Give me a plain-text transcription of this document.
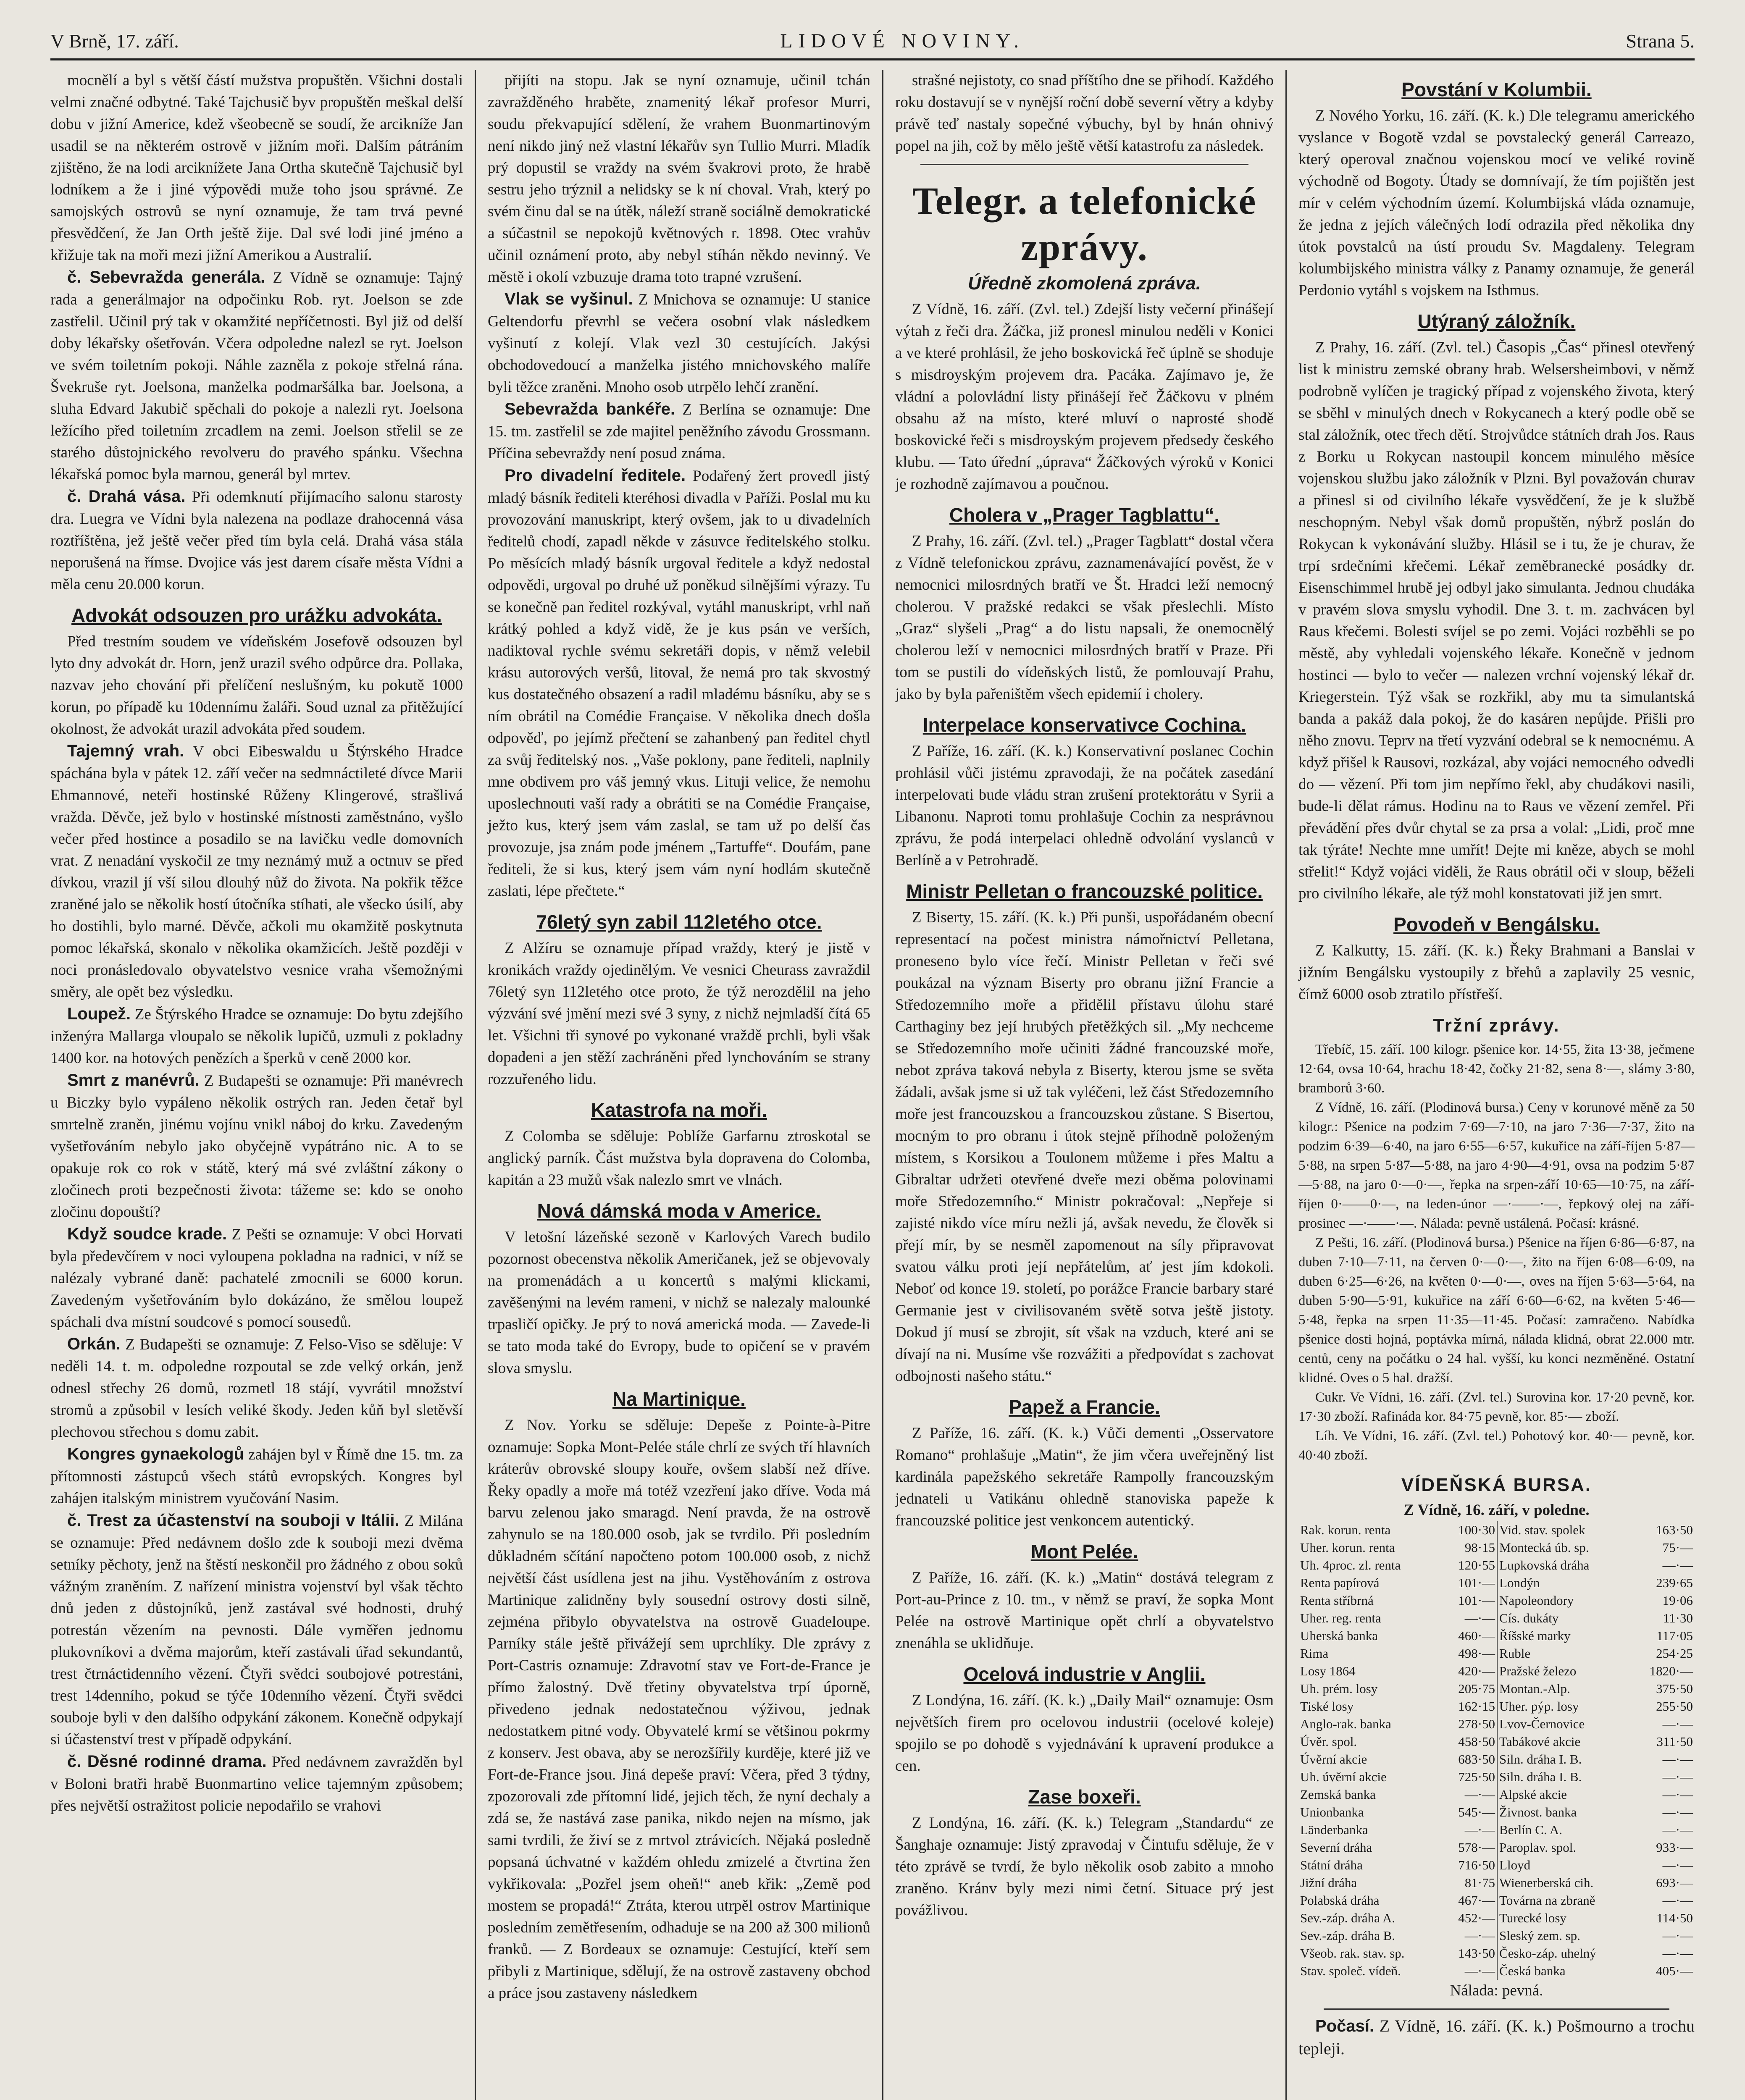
V Brně, 17. září.	LIDOVÉ NOVINY.	Strana 5.

mocnělí a byl s větší částí mužstva propuštěn. Všichni dostali velmi značné odbytné. Také Tajchusič byv propuštěn meškal delší dobu v jižní Americe, kdež všeobecně se soudí, že arcikníže Jan usadil se na některém ostrově v jižním moři. Dalším pátráním zjištěno, že na lodi arciknížete Jana Ortha skutečně Tajchusič byl lodníkem a že i jiné výpovědi muže toho jsou správné. Ze samojských ostrovů se nyní oznamuje, že tam trvá pevné přesvědčení, že Jan Orth ještě žije. Dal své lodi jiné jméno a křižuje tak na moři mezi jižní Amerikou a Australií.

č. Sebevražda generála. Z Vídně se oznamuje: Tajný rada a generálmajor na odpočinku Rob. ryt. Joelson se zde zastřelil. Učinil prý tak v okamžité nepříčetnosti. Byl již od delší doby lékařsky ošetřován. Včera odpoledne nalezl se ryt. Joelson ve svém toiletním pokoji. Náhle zazněla z pokoje střelná rána. Švekruše ryt. Joelsona, manželka podmaršálka bar. Joelsona, a sluha Edvard Jakubič spěchali do pokoje a nalezli ryt. Joelsona ležícího před toiletním zrcadlem na zemi. Joelson střelil se ze starého důstojnického revolveru do pravého spánku. Všechna lékařská pomoc byla marnou, generál byl mrtev.

č. Drahá vása. Při odemknutí přijímacího salonu starosty dra. Luegra ve Vídni byla nalezena na podlaze drahocenná vása roztříštěna, jež ještě večer před tím byla celá. Drahá vása stála neporušená na římse. Dvojice vás jest darem císaře města Vídni a měla cenu 20.000 korun.

Advokát odsouzen pro urážku advokáta.

Před trestním soudem ve vídeňském Josefově odsouzen byl lyto dny advokát dr. Horn, jenž urazil svého odpůrce dra. Pollaka, nazvav jeho chování při přelíčení neslušným, ku pokutě 1000 korun, po případě ku 10dennímu žaláři. Soud uznal za přitěžující okolnost, že advokát urazil advokáta před soudem.

Tajemný vrah. V obci Eibeswaldu u Štýrského Hradce spáchána byla v pátek 12. září večer na sedmnáctileté dívce Marii Ehmannové, neteři hostinské Růženy Klingerové, strašlivá vražda. Děvče, jež bylo v hostinské místnosti zaměstnáno, vyšlo večer před hostince a posadilo se na lavičku vedle domovních vrat. Z nenadání vyskočil ze tmy neznámý muž a octnuv se před dívkou, vrazil jí vší silou dlouhý nůž do života. Na pokřik těžce zraněné jalo se několik hostí útočníka stíhati, ale všecko úsilí, aby ho dostihli, bylo marné. Děvče, ačkoli mu okamžitě poskytnuta pomoc lékařská, skonalo v několika okamžicích. Ještě později v noci pronásledovalo obyvatelstvo vesnice vraha všemožnými směry, ale opět bez výsledku.

Loupež. Ze Štýrského Hradce se oznamuje: Do bytu zdejšího inženýra Mallarga vloupalo se několik lupičů, uzmuli z pokladny 1400 kor. na hotových penězích a šperků v ceně 2000 kor.

Smrt z manévrů. Z Budapešti se oznamuje: Při manévrech u Biczky bylo vypáleno několik ostrých ran. Jeden četař byl smrtelně zraněn, jinému vojínu vnikl náboj do krku. Zavedeným vyšetřováním nebylo jako obyčejně vypátráno nic. A to se opakuje rok co rok v státě, který má své zvláštní zákony o zločinech proti bezpečnosti života: tážeme se: kdo se onoho zločinu dopouští?

Když soudce krade. Z Pešti se oznamuje: V obci Horvati byla předevčírem v noci vyloupena pokladna na radnici, v níž se nalézaly vybrané daně: pachatelé zmocnili se 6000 korun. Zavedeným vyšetřováním bylo dokázáno, že smělou loupež spáchali dva místní soudcové s pomocí sousedů.

Orkán. Z Budapešti se oznamuje: Z Felso-Viso se sděluje: V neděli 14. t. m. odpoledne rozpoutal se zde velký orkán, jenž odnesl střechy 26 domů, rozmetl 18 stájí, vyvrátil množství stromů a způsobil v lesích veliké škody. Jeden kůň byl sletěvší plechovou střechou s domu zabit.

Kongres gynaekologů zahájen byl v Římě dne 15. tm. za přítomnosti zástupců všech států evropských. Kongres byl zahájen italským ministrem vyučování Nasim.

č. Trest za účastenství na souboji v Itálii. Z Milána se oznamuje: Před nedávnem došlo zde k souboji mezi dvěma setníky pěchoty, jenž na štěstí neskončil pro žádného z obou soků vážným zraněním. Z nařízení ministra vojenství byl však těchto dnů jeden z důstojníků, jenž zastával své hodnosti, druhý potrestán vězením na pevnosti. Dále vyměřen jednomu plukovníkovi a dvěma majorům, kteří zastávali úřad sekundantů, trest čtrnáctidenního vězení. Čtyři svědci soubojové potrestáni, trest 14denního, pokud se týče 10denního vězení. Čtyři svědci souboje byli v den dalšího odpykání zákonem. Konečně odpykají si účastenství trest v případě odpykání.

č. Děsné rodinné drama. Před nedávnem zavražděn byl v Boloni bratři hrabě Buonmartino velice tajemným způsobem; přes největší ostražitost policie nepodařilo se vrahovi

přijíti na stopu. Jak se nyní oznamuje, učinil tchán zavražděného hraběte, znamenitý lékař profesor Murri, soudu překvapující sdělení, že vrahem Buonmartinovým není nikdo jiný než vlastní lékařův syn Tullio Murri. Mladík prý dopustil se vraždy na svém švakrovi proto, že hrabě sestru jeho trýznil a nelidsky se k ní choval. Vrah, který po svém činu dal se na útěk, náleží straně sociálně demokratické a súčastnil se nepokojů květnových r. 1898. Otec vrahův učinil oznámení proto, aby nebyl stíhán někdo nevinný. Ve městě i okolí vzbuzuje drama toto trapné vzrušení.

Vlak se vyšinul. Z Mnichova se oznamuje: U stanice Geltendorfu převrhl se večera osobní vlak následkem vyšinutí z kolejí. Vlak vezl 30 cestujících. Jakýsi obchodovedoucí a manželka jistého mnichovského malíře byli těžce zraněni. Mnoho osob utrpělo lehčí zranění.

Sebevražda bankéře. Z Berlína se oznamuje: Dne 15. tm. zastřelil se zde majitel peněžního závodu Grossmann. Příčina sebevraždy není posud známa.

Pro divadelní ředitele. Podařený žert provedl jistý mladý básník řediteli kteréhosi divadla v Paříži. Poslal mu ku provozování manuskript, který ovšem, jak to u divadelních ředitelů chodí, zapadl někde v zásuvce ředitelského stolku. Po měsících mladý básník urgoval ředitele a když nedostal odpovědi, urgoval po druhé už poněkud silnějšími výrazy. Tu se konečně pan ředitel rozkýval, vytáhl manuskript, vrhl naň krátký pohled a když vidě, že je kus psán ve verších, nadiktoval rychle svému sekretáři dopis, v němž velebil krásu autorových veršů, litoval, že nemá pro tak skvostný kus dostatečného obsazení a radil mladému básníku, aby se s ním obrátil na Comédie Française. V několika dnech došla odpověď, po jejímž přečtení se zahanbený pan ředitel chytl za svůj ředitelský nos. „Vaše poklony, pane řediteli, naplnily mne obdivem pro váš jemný vkus. Lituji velice, že nemohu uposlechnouti vaší rady a obrátiti se na Comédie Française, ježto kus, který jsem vám zaslal, se tam už po delší čas provozuje, jsa znám pode jménem „Tartuffe“. Doufám, pane řediteli, že si kus, který jsem vám nyní hodlám skutečně zaslati, lépe přečtete.“

76letý syn zabil 112letého otce.

Z Alžíru se oznamuje případ vraždy, který je jistě v kronikách vraždy ojedinělým. Ve vesnici Cheurass zavraždil 76letý syn 112letého otce proto, že týž nerozdělil na jeho výzvání své jmění mezi své 3 syny, z nichž nejmladší čítá 65 let. Všichni tři synové po vykonané vraždě prchli, byli však dopadeni a jen stěží zachráněni před lynchováním se strany rozzuřeného lidu.

Katastrofa na moři.

Z Colomba se sděluje: Poblíže Garfarnu ztroskotal se anglický parník. Část mužstva byla dopravena do Colomba, kapitán a 23 mužů však nalezlo smrt ve vlnách.

Nová dámská moda v Americe.

V letošní lázeňské sezoně v Karlových Varech budilo pozornost obecenstva několik Američanek, jež se objevovaly na promenádách a u koncertů s malými klickami, zavěšenými na levém rameni, v nichž se nalezaly malounké trpasličí opičky. Je prý to nová americká moda. — Zavede-li se tato moda také do Evropy, bude to opičení se v pravém slova smyslu.

Na Martinique.

Z Nov. Yorku se sděluje: Depeše z Pointe-à-Pitre oznamuje: Sopka Mont-Pelée stále chrlí ze svých tří hlavních kráterův obrovské sloupy kouře, ovšem slabší než dříve. Řeky opadly a moře má totéž vzezření jako dříve. Voda má barvu zelenou jako smaragd. Není pravda, že na ostrově zahynulo se na 180.000 osob, jak se tvrdilo. Při posledním důkladném sčítání napočteno potom 100.000 osob, z nichž největší část usídlena jest na jihu. Vystěhováním z ostrova Martinique zalidněny byly sousední ostrovy dosti silně, zejména přibylo obyvatelstva na ostrově Guadeloupe. Parníky stále ještě přivážejí sem uprchlíky. Dle zprávy z Port-Castris oznamuje: Zdravotní stav ve Fort-de-France je přímo žalostný. Dvě třetiny obyvatelstva trpí úporně, přivedeno jednak nedostatečnou výživou, jednak nedostatkem pitné vody. Obyvatelé krmí se většinou pokrmy z konserv. Jest obava, aby se nerozšířily kurděje, které již ve Fort-de-France jsou. Jiná depeše praví: Včera, před 3 týdny, zpozorovali zde přítomní lidé, jejich těch, že nyní dechaly a zdá se, že nastává zase panika, nikdo nejen na mísmo, jak sami tvrdili, že živí se z mrtvol ztrávicích. Nějaká posledně popsaná úchvatné v každém ohledu zmizelé a čtvrtina žen vykřikovala: „Pozřel jsem oheň!“ aneb křik: „Země pod mostem se propadá!“ Ztráta, kterou utrpěl ostrov Martinique posledním zemětřesením, odhaduje se na 200 až 300 milionů franků. — Z Bordeaux se oznamuje: Cestující, kteří sem přibyli z Martinique, sdělují, že na ostrově zastaveny obchod a práce jsou zastaveny následkem

strašné nejistoty, co snad příštího dne se přihodí. Každého roku dostavují se v nynější roční době severní větry a kdyby právě teď nastaly sopečné výbuchy, byl by hnán ohnivý popel na jih, což by mělo ještě větší katastrofu za následek.

Telegr. a telefonické zprávy.
Úředně zkomolená zpráva.

Z Vídně, 16. září. (Zvl. tel.) Zdejší listy večerní přinášejí výtah z řeči dra. Žáčka, již pronesl minulou neděli v Konici a ve které prohlásil, že jeho boskovická řeč úplně se shoduje s misdroyským projevem dra. Pacáka. Zajímavo je, že vládní a polovládní listy přinášejí řeč Žáčkovu v plném obsahu až na místo, které mluví o naprosté shodě boskovické řeči s misdroyským projevem předsedy českého klubu. — Tato úřední „úprava“ Žáčkových výroků v Konici je rozhodně zajímavou a poučnou.

Cholera v „Prager Tagblattu“.

Z Prahy, 16. září. (Zvl. tel.) „Prager Tagblatt“ dostal včera z Vídně telefonickou zprávu, zaznamenávající pověst, že v nemocnici milosrdných bratří ve Št. Hradci leží nemocný cholerou. V pražské redakci se však přeslechli. Místo „Graz“ slyšeli „Prag“ a do listu napsali, že onemocnělý cholerou leží v nemocnici milosrdných bratří v Praze. Při tom se pustili do vídeňských listů, že pomlouvají Prahu, jako by byla pařeništěm všech epidemií i cholery.

Interpelace konservativce Cochina.

Z Paříže, 16. září. (K. k.) Konservativní poslanec Cochin prohlásil vůči jistému zpravodaji, že na počátek zasedání interpelovati bude vládu stran zrušení protektorátu v Syrii a Libanonu. Naproti tomu prohlašuje Cochin za nesprávnou zprávu, že podá interpelaci ohledně odvolání vyslanců v Berlíně a v Petrohradě.

Ministr Pelletan o francouzské politice.

Z Biserty, 15. září. (K. k.) Při punši, uspořádaném obecní representací na počest ministra námořnictví Pelletana, proneseno bylo více řečí. Ministr Pelletan v řeči své poukázal na význam Biserty pro obranu jižní Francie a Středozemního moře a přidělil přístavu úlohu staré Carthaginy bez její hrubých přetěžkých sil. „My nechceme se Středozemního moře učiniti žádné francouzské moře, nebot zpráva taková nebyla z Biserty, kterou jsme se světa žádali, avšak jsme si už tak vyléčeni, lež část Středozemního moře jest francouzskou a francouzskou zůstane. S Bisertou, mocným to pro obranu i útok stejně příhodně položeným místem, s Korsikou a Toulonem můžeme i přes Maltu a Gibraltar udržeti otevřené dveře mezi oběma polovinami moře Středozemního.“ Ministr pokračoval: „Nepřeje si zajisté nikdo více míru nežli já, avšak nevedu, že člověk si přejí mír, by se nesměl zapomenout na síly připravovat svatou válku proti její nepřátelům, ať jest jím kdokoli. Neboť od konce 19. století, po porážce Francie barbary staré Germanie jest v civilisovaném světě sotva ještě jistoty. Dokud jí musí se zbrojit, sít však na vzduch, které ani se dívají na ni. Musíme vše rozvážiti a předpovídat s zachovat odbojnosti našeho státu.“

Papež a Francie.

Z Paříže, 16. září. (K. k.) Vůči dementi „Osservatore Romano“ prohlašuje „Matin“, že jim včera uveřejněný list kardinála papežského sekretáře Rampolly francouzským jednateli u Vatikánu ohledně stanoviska papeže k francouzské politice jest venkoncem autentický.

Mont Pelée.

Z Paříže, 16. září. (K. k.) „Matin“ dostává telegram z Port-au-Prince z 10. tm., v němž se praví, že sopka Mont Pelée na ostrově Martinique opět chrlí a obyvatelstvo znenáhla se uklidňuje.

Ocelová industrie v Anglii.

Z Londýna, 16. září. (K. k.) „Daily Mail“ oznamuje: Osm největších firem pro ocelovou industrii (ocelové koleje) spojilo se po dohodě s vyjednávání k upravení produkce a cen.

Zase boxeři.

Z Londýna, 16. září. (K. k.) Telegram „Standardu“ ze Šanghaje oznamuje: Jistý zpravodaj v Čintufu sděluje, že v této zprávě se tvrdí, že bylo několik osob zabito a mnoho zraněno. Kránv byly mezi nimi četní. Situace prý jest povážlivou.

Povstání v Kolumbii.

Z Nového Yorku, 16. září. (K. k.) Dle telegramu amerického vyslance v Bogotě vzdal se povstalecký generál Carreazo, který operoval značnou vojenskou mocí ve veliké rovině východně od Bogoty. Útady se domnívají, že tím pojištěn jest mír v celém východním území. Kolumbijská vláda oznamuje, že jedna z jejích válečných lodí odrazila před několika dny útok povstalců na ústí proudu Sv. Magdaleny. Telegram kolumbijského ministra války z Panamy oznamuje, že generál Perdonio vytáhl s vojskem na Isthmus.

Utýraný záložník.

Z Prahy, 16. září. (Zvl. tel.) Časopis „Čas“ přinesl otevřený list k ministru zemské obrany hrab. Welsersheimbovi, v němž podrobně vylíčen je tragický případ z vojenského života, který se sběhl v minulých dnech v Rokycanech a který podle obě se stal záložník, otec třech dětí. Strojvůdce státních drah Jos. Raus z Borku u Rokycan nastoupil koncem minulého měsíce vojenskou službu jako záložník v Plzni. Byl považován churav a přinesl si od civilního lékaře vysvědčení, že je k službě neschopným. Nebyl však domů propuštěn, nýbrž poslán do Rokycan k vykonávání služby. Hlásil se i tu, že je churav, že trpí srdečními křečemi. Lékař zeměbranecké posádky dr. Eisenschimmel hrubě jej odbyl jako simulanta. Jednou chudáka v pravém slova smyslu vyhodil. Dne 3. t. m. zachvácen byl Raus křečemi. Bolesti svíjel se po zemi. Vojáci rozběhli se po městě, aby vyhledali vojenského lékaře. Konečně v jednom hostinci — bylo to večer — nalezen vrchní vojenský lékař dr. Kriegerstein. Týž však se rozkřikl, aby mu ta simulantská banda a pakáž dala pokoj, že do kasáren nepůjde. Přišli pro něho znovu. Teprv na třetí vyzvání odebral se k nemocnému. A když přišel k Rausovi, rozkázal, aby vojáci nemocného odvedli do — vězení. Při tom jim nepřímo řekl, aby chudákovi nasili, bude-li dělat rámus. Hodinu na to Raus ve vězení zemřel. Při převádění přes dvůr chytal se za prsa a volal: „Lidi, proč mne tak týráte! Nechte mne umřít! Dejte mi kněze, abych se mohl střelit!“ Když vojáci viděli, že Raus obrátil oči v sloup, běželi pro civilního lékaře, ale týž mohl konstatovati již jen smrt.

Povodeň v Bengálsku.

Z Kalkutty, 15. září. (K. k.) Řeky Brahmani a Banslai v jižním Bengálsku vystoupily z břehů a zaplavily 25 vesnic, čímž 6000 osob ztratilo přístřeší.

Tržní zprávy.

Třebíč, 15. září. 100 kilogr. pšenice kor. 14·55, žita 13·38, ječmene 12·64, ovsa 10·64, hrachu 18·42, čočky 21·82, sena 8·—, slámy 3·80, bramborů 3·60.

Z Vídně, 16. září. (Plodinová bursa.) Ceny v korunové měně za 50 kilogr.: Pšenice na podzim 7·69—7·10, na jaro 7·36—7·37, žito na podzim 6·39—6·40, na jaro 6·55—6·57, kukuřice na září-říjen 5·87—5·88, na srpen 5·87—5·88, na jaro 4·90—4·91, ovsa na podzim 5·87—5·88, na jaro 0·—0·—, řepka na srpen-září 10·65—10·75, na září-říjen 0·——0·—, na leden-únor —·——·—, řepkový olej na září-prosinec —·——·—. Nálada: pevně ustálená. Počasí: krásné.

Z Pešti, 16. září. (Plodinová bursa.) Pšenice na říjen 6·86—6·87, na duben 7·10—7·11, na červen 0·—0·—, žito na říjen 6·08—6·09, na duben 6·25—6·26, na květen 0·—0·—, oves na říjen 5·63—5·64, na duben 5·90—5·91, kukuřice na září 6·60—6·62, na květen 5·46—5·48, řepka na srpen 11·35—11·45. Počasí: zamračeno. Nabídka pšenice dosti hojná, poptávka mírná, nálada klidná, obrat 22.000 mtr. centů, ceny na počátku o 24 hal. vyšší, ku konci nezměněné. Ostatní klidné. Oves o 5 hal. dražší.

Cukr. Ve Vídni, 16. září. (Zvl. tel.) Surovina kor. 17·20 pevně, kor. 17·30 zboží. Rafináda kor. 84·75 pevně, kor. 85·— zboží.

Líh. Ve Vídni, 16. září. (Zvl. tel.) Pohotový kor. 40·— pevně, kor. 40·40 zboží.

VÍDEŇSKÁ BURSA.

Z Vídně, 16. září, v poledne.

Rak. korun. renta	100·30	Vid. stav. spolek	163·50
Uher. korun. renta	98·15	Montecká úb. sp.	75·—
Uh. 4proc. zl. renta	120·55	Lupkovská dráha	—·—
Renta papírová	101·—	Londýn	239·65
Renta stříbrná	101·—	Napoleondory	19·06
Uher. reg. renta	—·—	Cís. dukáty	11·30
Uherská banka	460·—	Říšské marky	117·05
Rima	498·—	Ruble	254·25
Losy 1864	420·—	Pražské železo	1820·—
Uh. prém. losy	205·75	Montan.-Alp.	375·50
Tiské losy	162·15	Uher. pýp. losy	255·50
Anglo-rak. banka	278·50	Lvov-Černovice	—·—
Úvěr. spol.	458·50	Tabákové akcie	311·50
Úvěrní akcie	683·50	Siln. dráha I. B.	—·—
Uh. úvěrní akcie	725·50	Siln. dráha I. B.	—·—
Zemská banka	—·—	Alpské akcie	—·—
Unionbanka	545·—	Živnost. banka	—·—
Länderbanka	—·—	Berlín C. A.	—·—
Severní dráha	578·—	Paroplav. spol.	933·—
Státní dráha	716·50	Lloyd	—·—
Jižní dráha	81·75	Wienerberská cih.	693·—
Polabská dráha	467·—	Továrna na zbraně	—·—
Sev.-záp. dráha A.	452·—	Turecké losy	114·50
Sev.-záp. dráha B.	—·—	Sleský zem. sp.	—·—
Všeob. rak. stav. sp.	143·50	Česko-záp. uhelný	—·—
Stav. společ. vídeň.	—·—	Česká banka	405·—

Nálada: pevná.

Počasí. Z Vídně, 16. září. (K. k.) Pošmourno a trochu tepleji.
